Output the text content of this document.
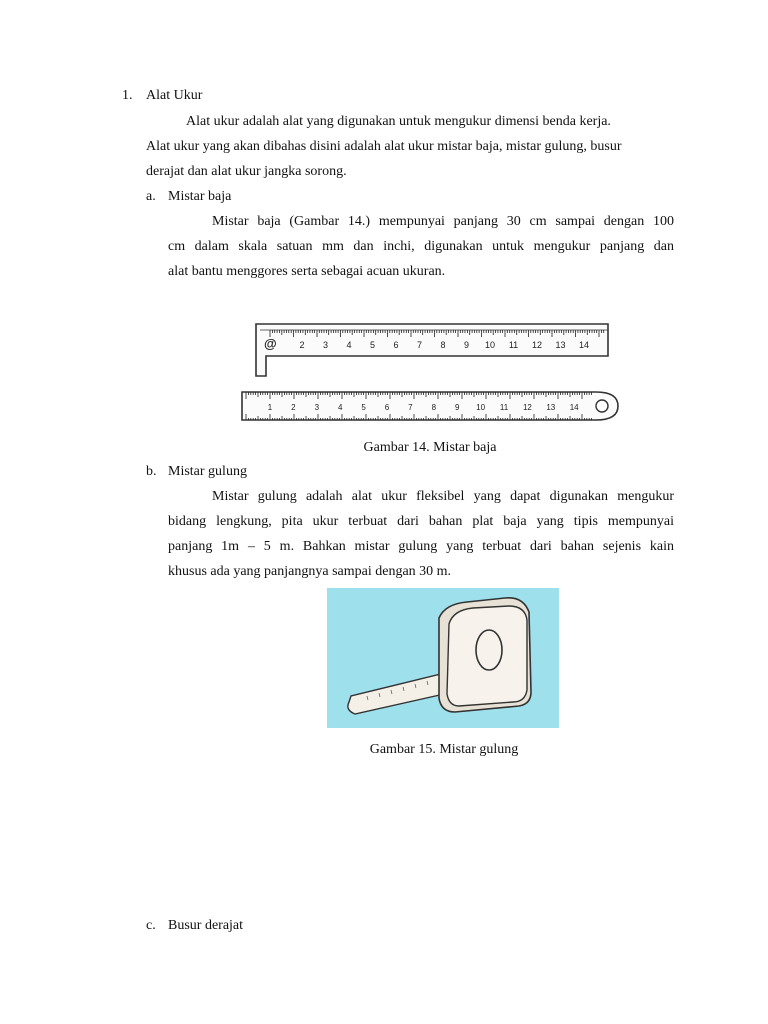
1. Alat Ukur
Alat ukur adalah alat yang digunakan untuk mengukur dimensi benda kerja.
Alat ukur yang akan dibahas disini adalah alat ukur mistar baja, mistar gulung, busur
derajat dan alat ukur jangka sorong.
a. Mistar baja
Mistar baja (Gambar 14.) mempunyai panjang 30 cm sampai dengan 100
cm dalam skala satuan mm dan inchi, digunakan untuk mengukur panjang dan
alat bantu menggores serta sebagai acuan ukuran.
@	2 3 4 5 6 7 8 9 10 11 12 13 14
1 2 3 4 5 6 7 8 9 10 11 12 13 14
Gambar 14. Mistar baja
b. Mistar gulung
Mistar gulung adalah alat ukur fleksibel yang dapat digunakan mengukur
bidang lengkung, pita ukur terbuat dari bahan plat baja yang tipis mempunyai
panjang 1m – 5 m. Bahkan mistar gulung yang terbuat dari bahan sejenis kain
khusus ada yang panjangnya sampai dengan 30 m.
Gambar 15. Mistar gulung
c. Busur derajat
